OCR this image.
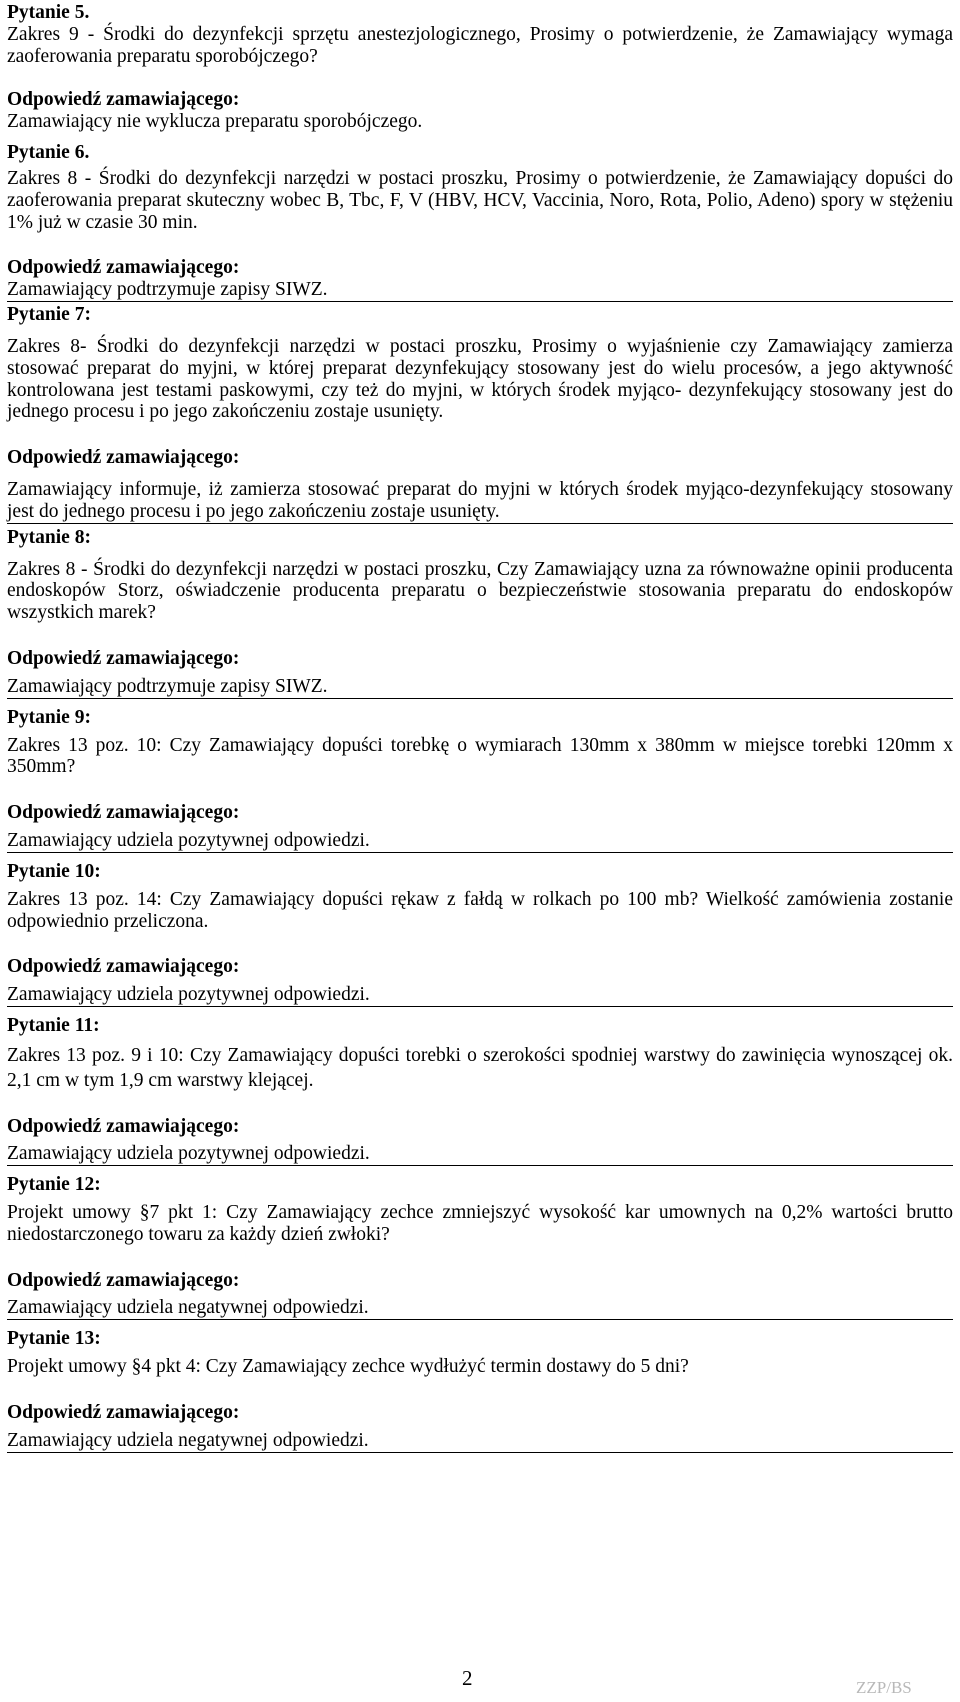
Pytanie 5.
Zakres 9 - Środki do dezynfekcji sprzętu anestezjologicznego, Prosimy o potwierdzenie, że Zamawiający wymaga zaoferowania preparatu sporobójczego?
Odpowiedź zamawiającego:
Zamawiający nie wyklucza preparatu sporobójczego.
Pytanie 6.
Zakres 8 - Środki do dezynfekcji narzędzi w postaci proszku, Prosimy o potwierdzenie, że Zamawiający dopuści do zaoferowania preparat skuteczny wobec B, Tbc, F, V (HBV, HCV, Vaccinia, Noro, Rota, Polio, Adeno) spory w stężeniu 1% już w czasie 30 min.
Odpowiedź zamawiającego:
Zamawiający podtrzymuje zapisy SIWZ.
Pytanie 7:
Zakres 8- Środki do dezynfekcji narzędzi w postaci proszku, Prosimy o wyjaśnienie czy Zamawiający zamierza stosować preparat do myjni, w której preparat dezynfekujący stosowany jest do wielu procesów, a jego aktywność kontrolowana jest testami paskowymi, czy też do myjni, w których środek myjąco- dezynfekujący stosowany jest do jednego procesu i po jego zakończeniu zostaje usunięty.
Odpowiedź zamawiającego:
Zamawiający informuje, iż zamierza stosować preparat do myjni w których środek myjąco-dezynfekujący stosowany jest do jednego procesu i po jego zakończeniu zostaje usunięty.
Pytanie 8:
Zakres 8 - Środki do dezynfekcji narzędzi w postaci proszku, Czy Zamawiający uzna za równoważne opinii producenta endoskopów Storz, oświadczenie producenta preparatu o bezpieczeństwie stosowania preparatu do endoskopów wszystkich marek?
Odpowiedź zamawiającego:
Zamawiający podtrzymuje zapisy SIWZ.
Pytanie 9:
Zakres 13 poz. 10: Czy Zamawiający dopuści torebkę o wymiarach 130mm x 380mm w miejsce torebki 120mm x 350mm?
Odpowiedź zamawiającego:
Zamawiający udziela pozytywnej odpowiedzi.
Pytanie 10:
Zakres 13 poz. 14: Czy Zamawiający dopuści rękaw z fałdą w rolkach po 100 mb? Wielkość zamówienia zostanie odpowiednio przeliczona.
Odpowiedź zamawiającego:
Zamawiający udziela pozytywnej odpowiedzi.
Pytanie 11:
Zakres 13 poz. 9 i 10: Czy Zamawiający dopuści torebki o szerokości spodniej warstwy do zawinięcia wynoszącej ok. 2,1 cm w tym 1,9 cm warstwy klejącej.
Odpowiedź zamawiającego:
Zamawiający udziela pozytywnej odpowiedzi.
Pytanie 12:
Projekt umowy §7 pkt 1: Czy Zamawiający zechce zmniejszyć wysokość kar umownych na 0,2% wartości brutto niedostarczonego towaru za każdy dzień zwłoki?
Odpowiedź zamawiającego:
Zamawiający udziela negatywnej odpowiedzi.
Pytanie 13:
Projekt umowy §4 pkt 4: Czy Zamawiający zechce wydłużyć termin dostawy do 5 dni?
Odpowiedź zamawiającego:
Zamawiający udziela negatywnej odpowiedzi.
2	ZZP/BS
